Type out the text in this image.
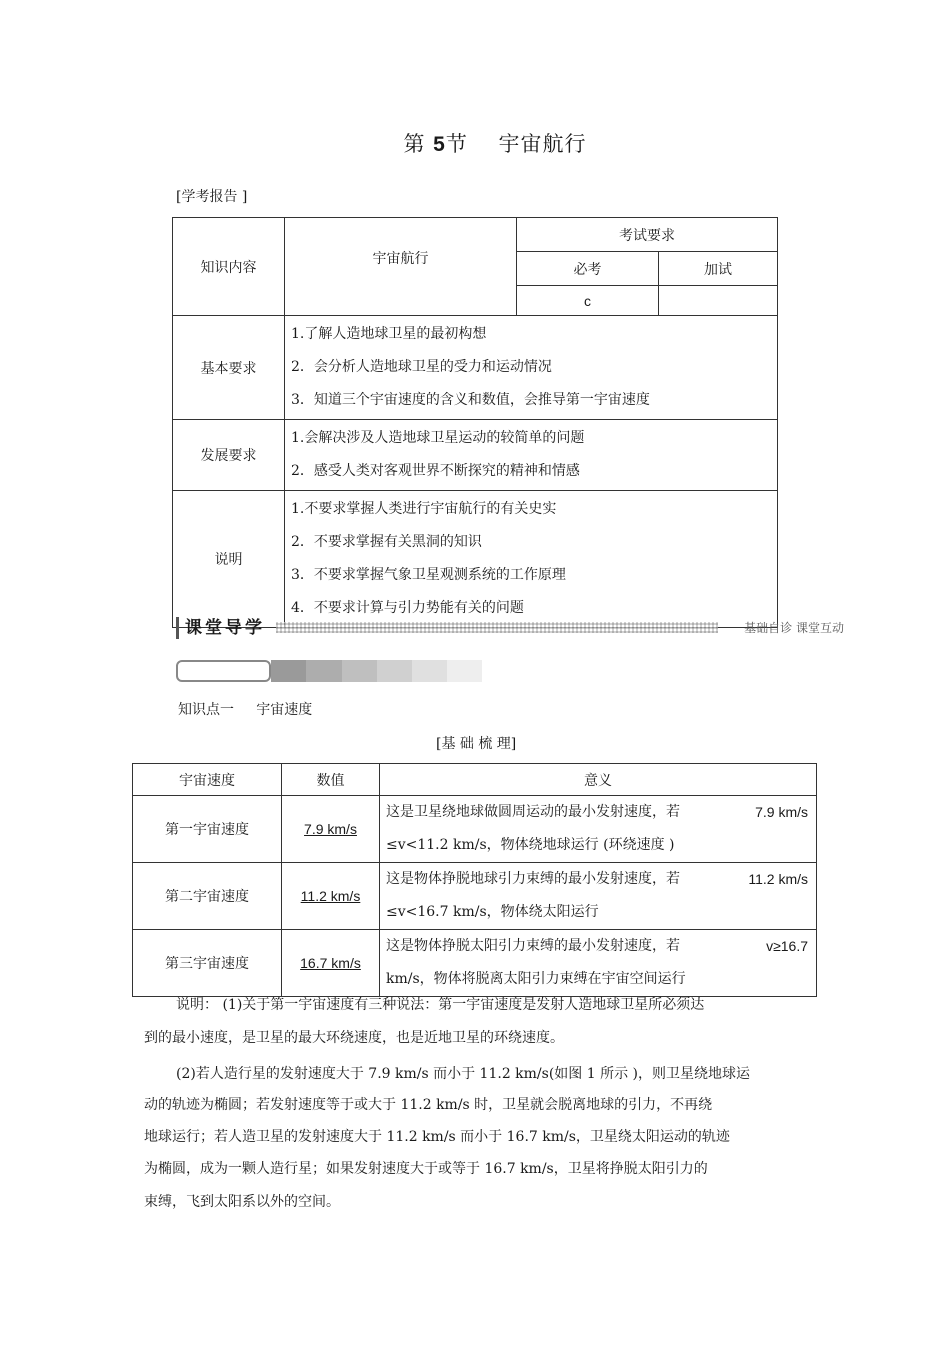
第 5节 宇宙航行
[学考报告 ]
知识内容	宇宙航行	考试要求	
		必考	加试
		c	
基本要求	1.了解人造地球卫星的最初构想
2．会分析人造地球卫星的受力和运动情况
3．知道三个宇宙速度的含义和数值，会推导第一宇宙速度		

发展要求	1.会解决涉及人造地球卫星运动的较简单的问题
2．感受人类对客观世界不断探究的精神和情感		

说明	1.不要求掌握人类进行宇宙航行的有关史实
2．不要求掌握有关黑洞的知识
3．不要求掌握气象卫星观测系统的工作原理
4．不要求计算与引力势能有关的问题		
课堂导学	基础自诊 课堂互动
知识点一 宇宙速度
[基 础 梳 理]
宇宙速度	数值	意义
第一宇宙速度	7.9 km/s	这是卫星绕地球做圆周运动的最小发射速度，若 7.9 km/s
≤v<11.2 km/s，物体绕地球运行 (环绕速度 )

第二宇宙速度	11.2 km/s	这是物体挣脱地球引力束缚的最小发射速度，若 11.2 km/s
≤v<16.7 km/s，物体绕太阳运行

第三宇宙速度	16.7 km/s	这是物体挣脱太阳引力束缚的最小发射速度，若 v≥16.7
km/s，物体将脱离太阳引力束缚在宇宙空间运行
说明： (1)关于第一宇宙速度有三种说法：第一宇宙速度是发射人造地球卫星所必须达
到的最小速度，是卫星的最大环绕速度，也是近地卫星的环绕速度。
(2)若人造行星的发射速度大于 7.9 km/s 而小于 11.2 km/s(如图 1 所示 )，则卫星绕地球运
动的轨迹为椭圆；若发射速度等于或大于 11.2 km/s 时，卫星就会脱离地球的引力，不再绕
地球运行；若人造卫星的发射速度大于 11.2 km/s 而小于 16.7 km/s，卫星绕太阳运动的轨迹
为椭圆，成为一颗人造行星；如果发射速度大于或等于 16.7 km/s，卫星将挣脱太阳引力的
束缚，飞到太阳系以外的空间。
